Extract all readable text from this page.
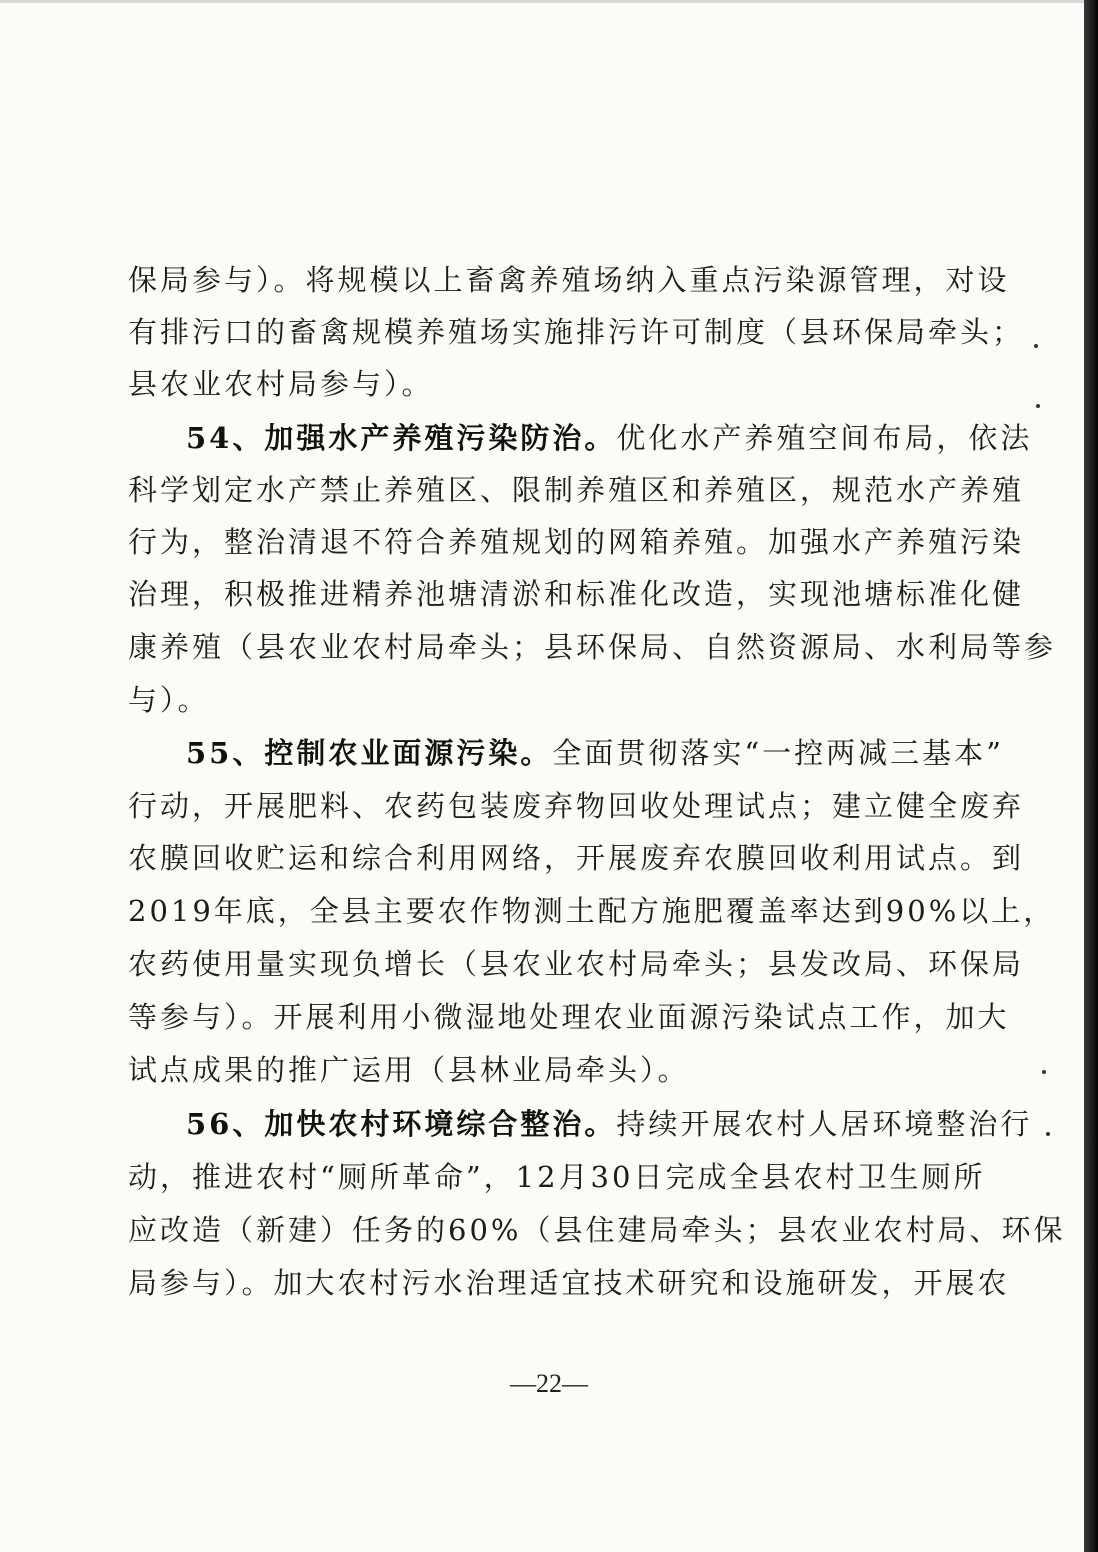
保局参与）。将规模以上畜禽养殖场纳入重点污染源管理，对设
有排污口的畜禽规模养殖场实施排污许可制度（县环保局牵头；
县农业农村局参与）。
54、加强水产养殖污染防治。优化水产养殖空间布局，依法
科学划定水产禁止养殖区、限制养殖区和养殖区，规范水产养殖
行为，整治清退不符合养殖规划的网箱养殖。加强水产养殖污染
治理，积极推进精养池塘清淤和标准化改造，实现池塘标准化健
康养殖（县农业农村局牵头；县环保局、自然资源局、水利局等参
与）。
55、控制农业面源污染。全面贯彻落实“一控两减三基本”
行动，开展肥料、农药包装废弃物回收处理试点；建立健全废弃
农膜回收贮运和综合利用网络，开展废弃农膜回收利用试点。到
2019年底，全县主要农作物测土配方施肥覆盖率达到90%以上，
农药使用量实现负增长（县农业农村局牵头；县发改局、环保局
等参与）。开展利用小微湿地处理农业面源污染试点工作，加大
试点成果的推广运用（县林业局牵头）。
56、加快农村环境综合整治。持续开展农村人居环境整治行
动，推进农村“厕所革命”，12月30日完成全县农村卫生厕所
应改造（新建）任务的60%（县住建局牵头；县农业农村局、环保
局参与）。加大农村污水治理适宜技术研究和设施研发，开展农
—22—
